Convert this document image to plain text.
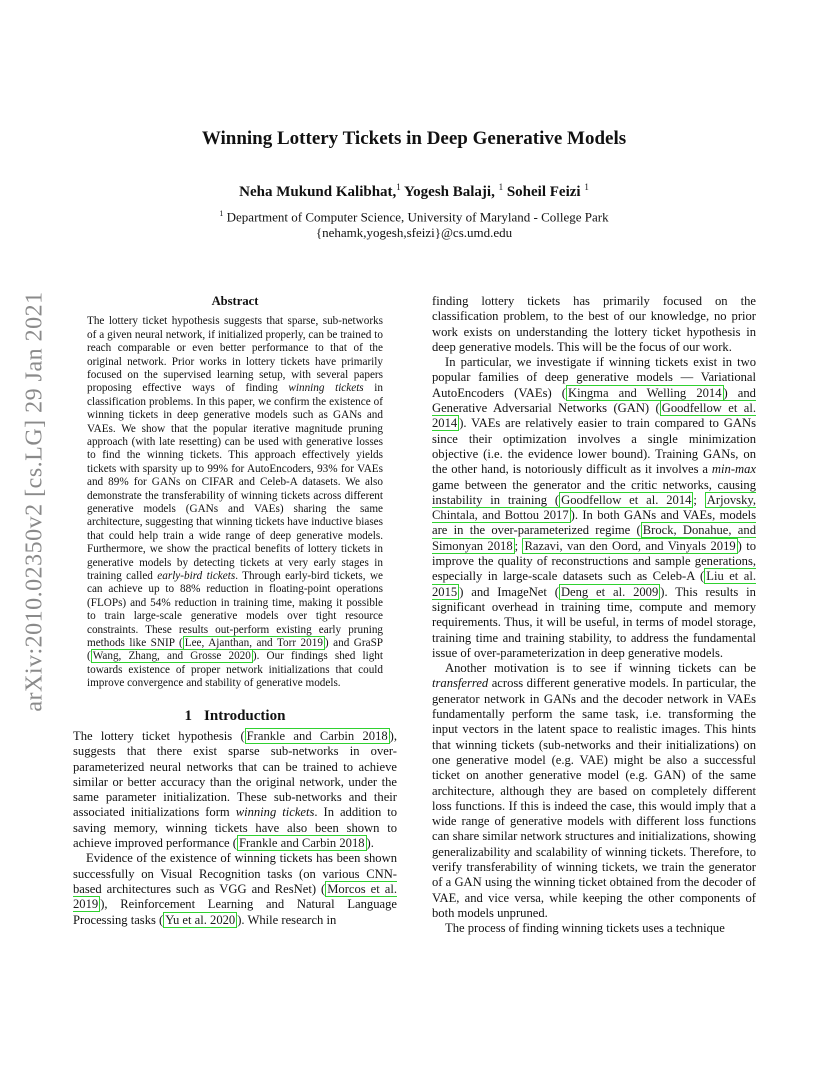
arXiv:2010.02350v2 [cs.LG] 29 Jan 2021
Winning Lottery Tickets in Deep Generative Models
Neha Mukund Kalibhat,$^1$ Yogesh Balaji, $^1$ Soheil Feizi $^1$
$^1$ Department of Computer Science, University of Maryland - College Park
{nehamk,yogesh,sfeizi}@cs.umd.edu
Abstract

The lottery ticket hypothesis suggests that sparse, sub-networks of a given neural network, if initialized properly, can be trained to reach comparable or even better performance to that of the original network. Prior works in lottery tickets have primarily focused on the supervised learning setup, with several papers proposing effective ways of finding winning tickets in classification problems. In this paper, we confirm the existence of winning tickets in deep generative models such as GANs and VAEs. We show that the popular iterative magnitude pruning approach (with late resetting) can be used with generative losses to find the winning tickets. This approach effectively yields tickets with sparsity up to 99% for AutoEncoders, 93% for VAEs and 89% for GANs on CIFAR and Celeb-A datasets. We also demonstrate the transferability of winning tickets across different generative models (GANs and VAEs) sharing the same architecture, suggesting that winning tickets have inductive biases that could help train a wide range of deep generative models. Furthermore, we show the practical benefits of lottery tickets in generative models by detecting tickets at very early stages in training called early-bird tickets. Through early-bird tickets, we can achieve up to 88% reduction in floating-point operations (FLOPs) and 54% reduction in training time, making it possible to train large-scale generative models over tight resource constraints. These results out-perform existing early pruning methods like SNIP ( Lee, Ajanthan, and Torr 2019 ) and GraSP ( Wang, Zhang, and Grosse 2020 ). Our findings shed light towards existence of proper network initializations that could improve convergence and stability of generative models.

1 Introduction

The lottery ticket hypothesis ( Frankle and Carbin 2018 ), suggests that there exist sparse sub-networks in over-parameterized neural networks that can be trained to achieve similar or better accuracy than the original network, under the same parameter initialization. These sub-networks and their associated initializations form winning tickets. In addition to saving memory, winning tickets have also been shown to achieve improved performance ( Frankle and Carbin 2018 ).

Evidence of the existence of winning tickets has been shown successfully on Visual Recognition tasks (on various CNN-based architectures such as VGG and ResNet) ( Morcos et al. 2019 ), Reinforcement Learning and Natural Language Processing tasks ( Yu et al. 2020 ). While research in

finding lottery tickets has primarily focused on the classification problem, to the best of our knowledge, no prior work exists on understanding the lottery ticket hypothesis in deep generative models. This will be the focus of our work.

In particular, we investigate if winning tickets exist in two popular families of deep generative models — Variational AutoEncoders (VAEs) ( Kingma and Welling 2014 ) and Generative Adversarial Networks (GAN) ( Goodfellow et al. 2014 ). VAEs are relatively easier to train compared to GANs since their optimization involves a single minimization objective (i.e. the evidence lower bound). Training GANs, on the other hand, is notoriously difficult as it involves a min-max game between the generator and the critic networks, causing instability in training ( Goodfellow et al. 2014 ; Arjovsky, Chintala, and Bottou 2017 ). In both GANs and VAEs, models are in the over-parameterized regime ( Brock, Donahue, and Simonyan 2018 ; Razavi, van den Oord, and Vinyals 2019 ) to improve the quality of reconstructions and sample generations, especially in large-scale datasets such as Celeb-A ( Liu et al. 2015 ) and ImageNet ( Deng et al. 2009 ). This results in significant overhead in training time, compute and memory requirements. Thus, it will be useful, in terms of model storage, training time and training stability, to address the fundamental issue of over-parameterization in deep generative models.

Another motivation is to see if winning tickets can be transferred across different generative models. In particular, the generator network in GANs and the decoder network in VAEs fundamentally perform the same task, i.e. transforming the input vectors in the latent space to realistic images. This hints that winning tickets (sub-networks and their initializations) on one generative model (e.g. VAE) might be also a successful ticket on another generative model (e.g. GAN) of the same architecture, although they are based on completely different loss functions. If this is indeed the case, this would imply that a wide range of generative models with different loss functions can share similar network structures and initializations, showing generalizability and scalability of winning tickets. Therefore, to verify transferability of winning tickets, we train the generator of a GAN using the winning ticket obtained from the decoder of VAE, and vice versa, while keeping the other components of both models unpruned.

The process of finding winning tickets uses a technique
